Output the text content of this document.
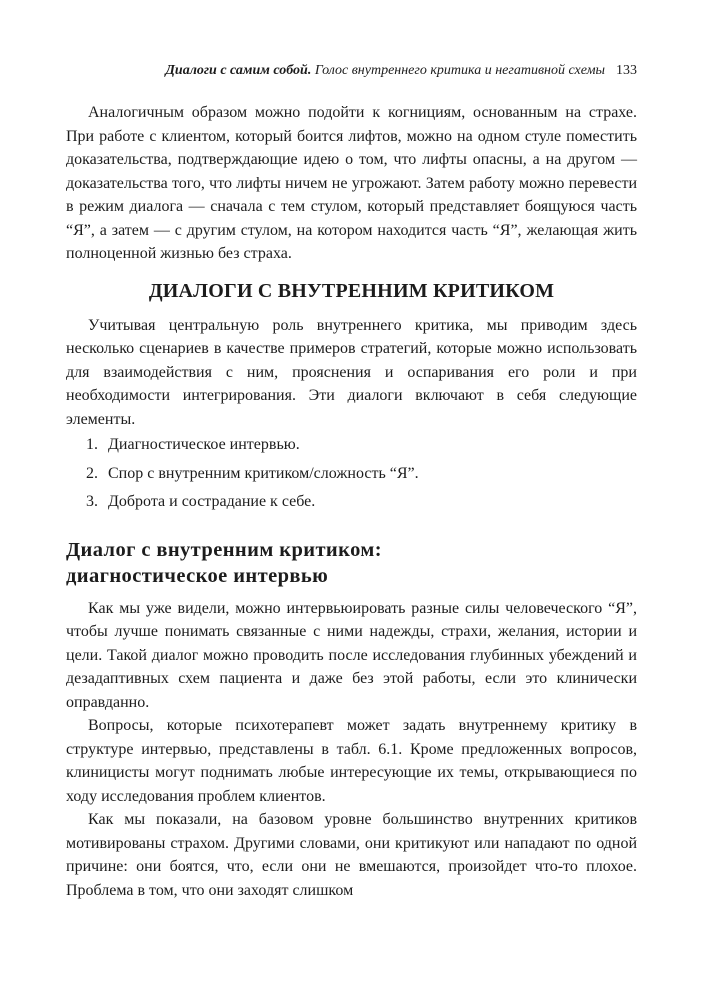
Диалоги с самим собой. Голос внутреннего критика и негативной схемы 133

Аналогичным образом можно подойти к когнициям, основанным на страхе. При работе с клиентом, который боится лифтов, можно на одном стуле поместить доказательства, подтверждающие идею о том, что лифты опасны, а на другом — доказательства того, что лифты ничем не угрожают. Затем работу можно перевести в режим диалога — сначала с тем стулом, который представляет боящуюся часть “Я”, а затем — с другим стулом, на котором находится часть “Я”, желающая жить полноценной жизнью без страха.

ДИАЛОГИ С ВНУТРЕННИМ КРИТИКОМ

Учитывая центральную роль внутреннего критика, мы приводим здесь несколько сценариев в качестве примеров стратегий, которые можно использовать для взаимодействия с ним, прояснения и оспаривания его роли и при необходимости интегрирования. Эти диалоги включают в себя следующие элементы.

1. Диагностическое интервью.
2. Спор с внутренним критиком/сложность “Я”.
3. Доброта и сострадание к себе.
Диалог с внутренним критиком:
диагностическое интервью

Как мы уже видели, можно интервьюировать разные силы человеческого “Я”, чтобы лучше понимать связанные с ними надежды, страхи, желания, истории и цели. Такой диалог можно проводить после исследования глубинных убеждений и дезадаптивных схем пациента и даже без этой работы, если это клинически оправданно.

Вопросы, которые психотерапевт может задать внутреннему критику в структуре интервью, представлены в табл. 6.1. Кроме предложенных вопросов, клиницисты могут поднимать любые интересующие их темы, открывающиеся по ходу исследования проблем клиентов.

Как мы показали, на базовом уровне большинство внутренних критиков мотивированы страхом. Другими словами, они критикуют или нападают по одной причине: они боятся, что, если они не вмешаются, произойдет что-то плохое. Проблема в том, что они заходят слишком
